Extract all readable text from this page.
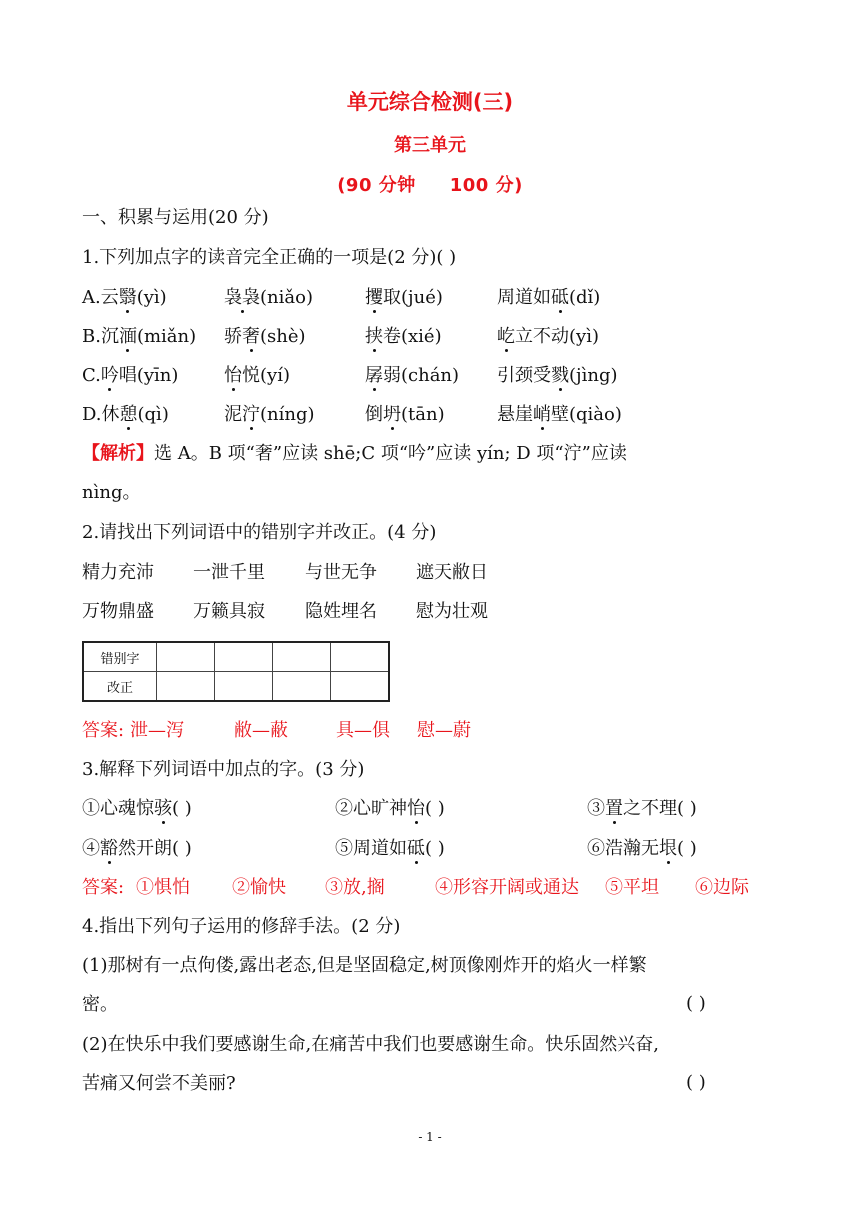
单元综合检测(三)
第三单元
(90 分钟 100 分)
一、积累与运用(20 分)
1.下列加点字的读音完全正确的一项是(2 分)( )
A.云翳(yì)	袅袅(niǎo)	攫取(jué)	周道如砥(dǐ)
B.沉湎(miǎn) 骄奢(shè)	挟卷(xié)	屹立不动(yì)
C.吟唱(yīn)	怡悦(yí)	孱弱(chán) 引颈受戮(jìng)
D.休憩(qì)	泥泞(níng)	倒坍(tān)	悬崖峭壁(qiào)
【解析】选 A。B 项“奢”应读 shē;C 项“吟”应读 yín; D 项“泞”应读
nìng。
2.请找出下列词语中的错别字并改正。(4 分)
精力充沛 一泄千里 与世无争 遮天敝日
万物鼎盛 万籁具寂 隐姓埋名 慰为壮观
错别字				
改正				
答案: 泄—泻	敝—蔽	具—俱 慰—蔚
3.解释下列词语中加点的字。(3 分)
①心魂惊骇( )	②心旷神怡( )	③置之不理( )
④豁然开朗( )	⑤周道如砥( )	⑥浩瀚无垠( )
答案: ①惧怕 ②愉快 ③放,搁	④形容开阔或通达 ⑤平坦 ⑥边际
4.指出下列句子运用的修辞手法。(2 分)
(1)那树有一点佝偻,露出老态,但是坚固稳定,树顶像刚炸开的焰火一样繁
密。	( )
(2)在快乐中我们要感谢生命,在痛苦中我们也要感谢生命。快乐固然兴奋,
苦痛又何尝不美丽?	( )
- 1 -
